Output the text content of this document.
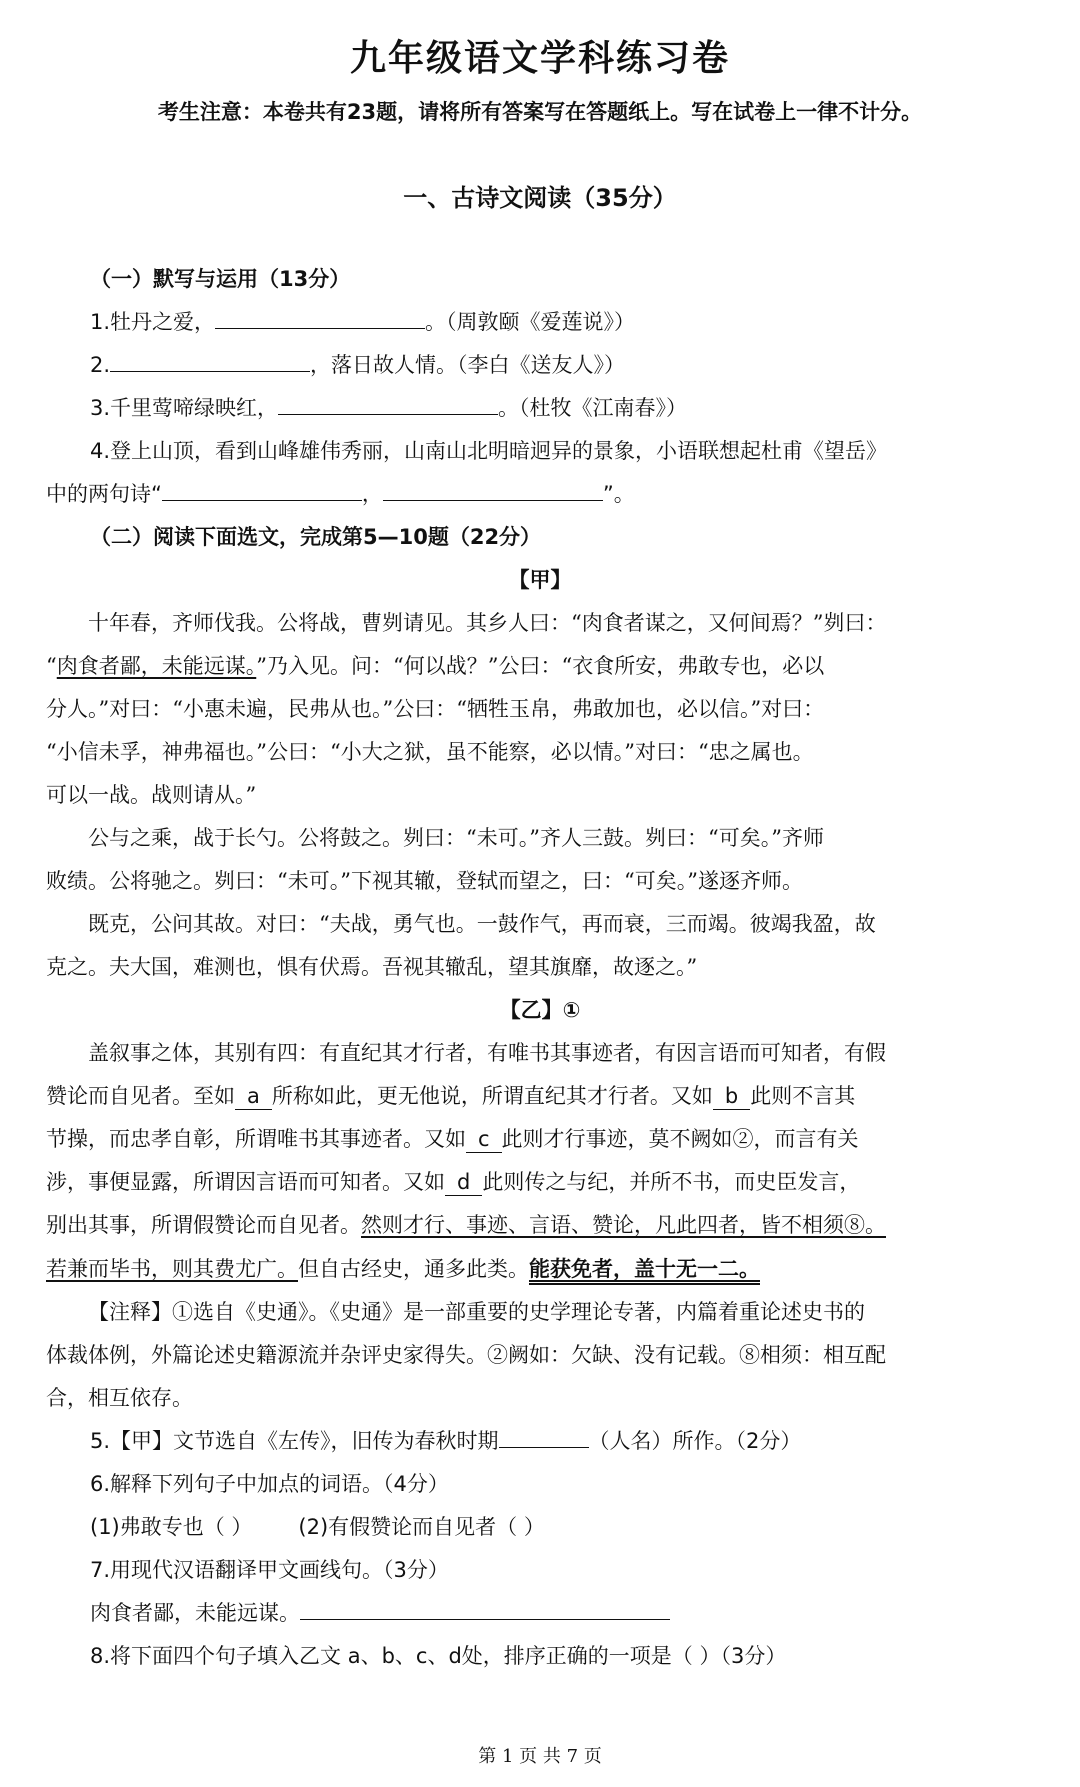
九年级语文学科练习卷
考生注意：本卷共有23题，请将所有答案写在答题纸上。写在试卷上一律不计分。
一、古诗文阅读（35分）

（一）默写与运用（13分）

1.牡丹之爱，	。（周敦颐《爱莲说》）

2.	，落日故人情。（李白《送友人》）

3.千里莺啼绿映红，	。（杜牧《江南春》）

4.登上山顶，看到山峰雄伟秀丽，山南山北明暗迥异的景象，小语联想起杜甫《望岳》

中的两句诗“	，	”。

（二）阅读下面选文，完成第5—10题（22分）

【甲】

十年春，齐师伐我。公将战，曹刿请见。其乡人曰：“肉食者谋之，又何间焉？”刿曰：

“肉食者鄙，未能远谋。”乃入见。问：“何以战？”公曰：“衣食所安，弗敢专也，必以

分人。”对曰：“小惠未遍，民弗从也。”公曰：“牺牲玉帛，弗敢加也，必以信。”对曰：

“小信未孚，神弗福也。”公曰：“小大之狱，虽不能察，必以情。”对曰：“忠之属也。

可以一战。战则请从。”

公与之乘，战于长勺。公将鼓之。刿曰：“未可。”齐人三鼓。刿曰：“可矣。”齐师

败绩。公将驰之。刿曰：“未可。”下视其辙，登轼而望之，曰：“可矣。”遂逐齐师。

既克，公问其故。对曰：“夫战，勇气也。一鼓作气，再而衰，三而竭。彼竭我盈，故

克之。夫大国，难测也，惧有伏焉。吾视其辙乱，望其旗靡，故逐之。”

【乙】①

盖叙事之体，其别有四：有直纪其才行者，有唯书其事迹者，有因言语而可知者，有假

赞论而自见者。至如 a 所称如此，更无他说，所谓直纪其才行者。又如 b 此则不言其

节操，而忠孝自彰，所谓唯书其事迹者。又如 c 此则才行事迹，莫不阙如②，而言有关

涉，事便显露，所谓因言语而可知者。又如 d 此则传之与纪，并所不书，而史臣发言，

别出其事，所谓假赞论而自见者。然则才行、事迹、言语、赞论，凡此四者，皆不相须⑧。

若兼而毕书，则其费尤广。但自古经史，通多此类。能获免者，盖十无一二。

【注释】①选自《史通》。《史通》是一部重要的史学理论专著，内篇着重论述史书的

体裁体例，外篇论述史籍源流并杂评史家得失。②阙如：欠缺、没有记载。⑧相须：相互配

合，相互依存。

5.【甲】文节选自《左传》，旧传为春秋时期	（人名）所作。（2分）

6.解释下列句子中加点的词语。（4分）

(1)弗敢专也（ ） (2)有假赞论而自见者（ ）

7.用现代汉语翻译甲文画线句。（3分）

肉食者鄙，未能远谋。

8.将下面四个句子填入乙文 a、b、c、d处，排序正确的一项是（ ）（3分）

第 1 页 共 7 页
